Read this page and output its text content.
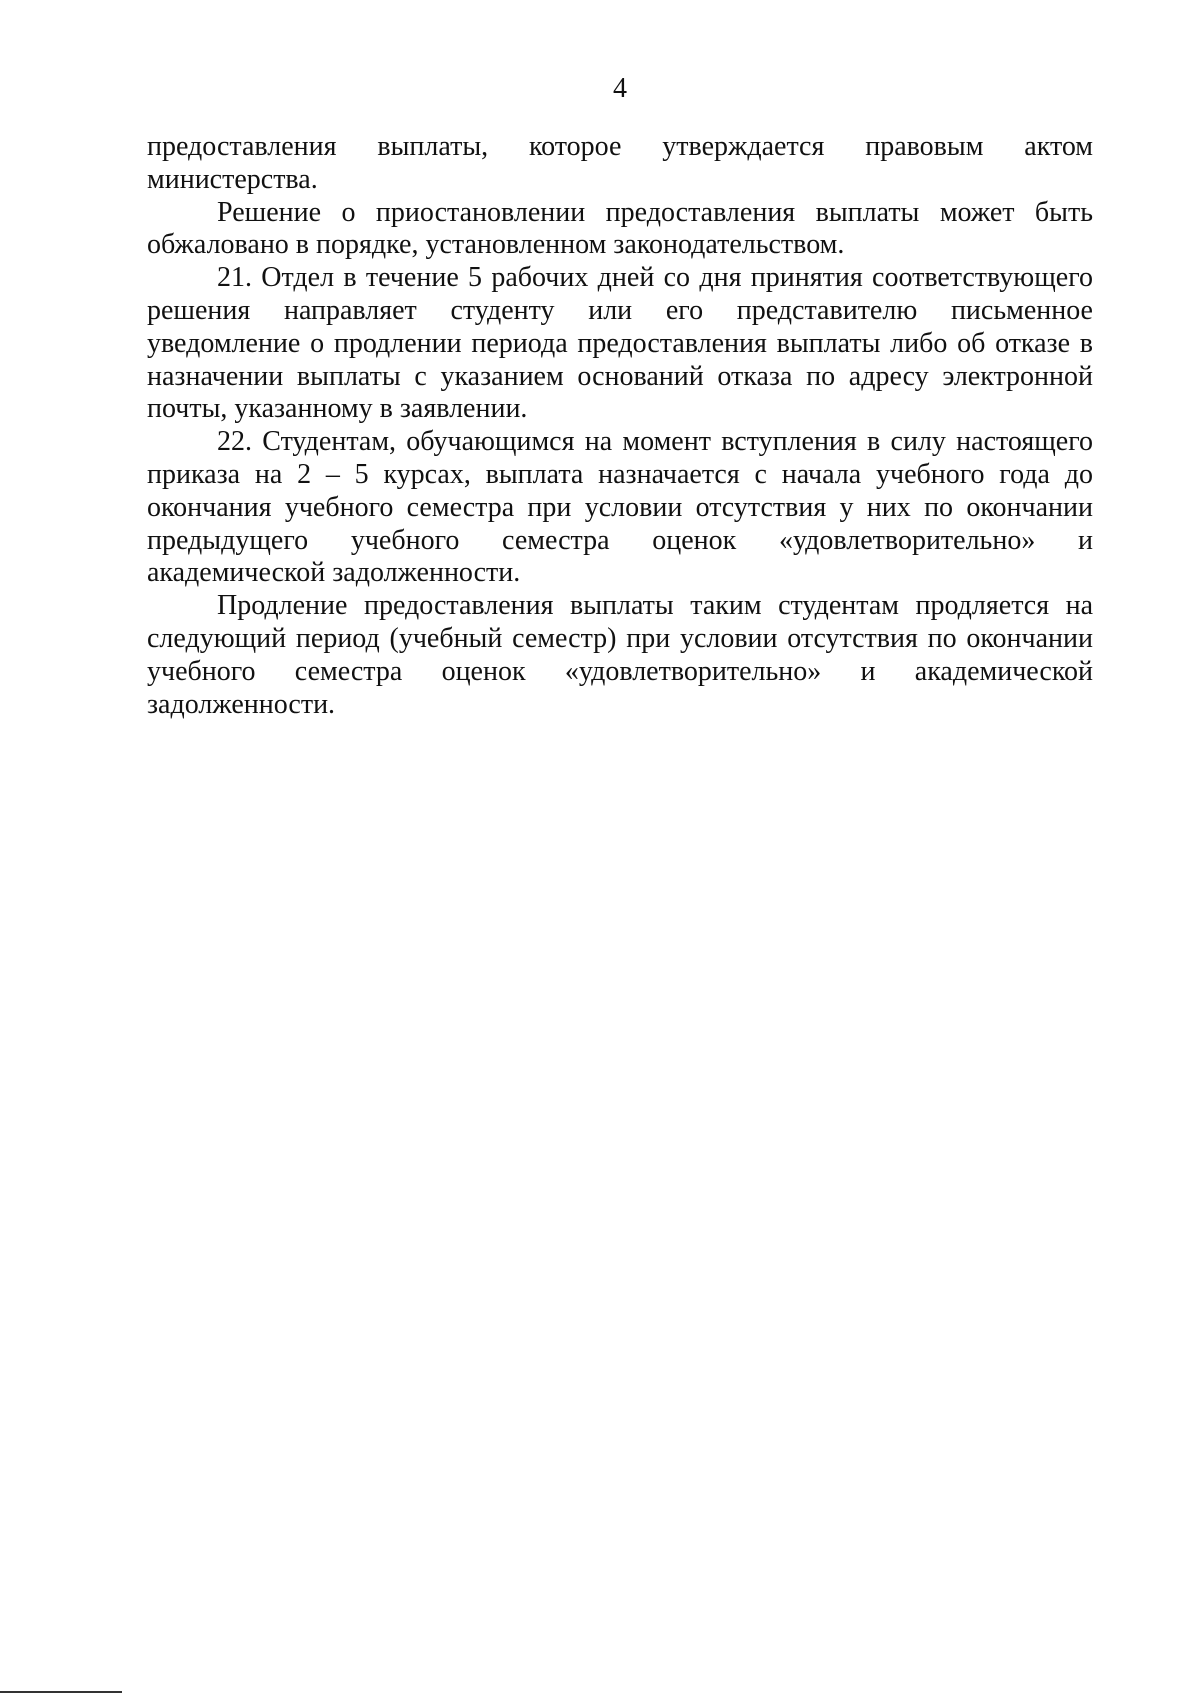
4

предоставления выплаты, которое утверждается правовым актом министерства.

Решение о приостановлении предоставления выплаты может быть обжаловано в порядке, установленном законодательством.

21. Отдел в течение 5 рабочих дней со дня принятия соответствующего решения направляет студенту или его представителю письменное уведомление о продлении периода предоставления выплаты либо об отказе в назначении выплаты с указанием оснований отказа по адресу электронной почты, указанному в заявлении.

22. Студентам, обучающимся на момент вступления в силу настоящего приказа на 2 – 5 курсах, выплата назначается с начала учебного года до окончания учебного семестра при условии отсутствия у них по окончании предыдущего учебного семестра оценок «удовлетворительно» и академической задолженности.

Продление предоставления выплаты таким студентам продляется на следующий период (учебный семестр) при условии отсутствия по окончании учебного семестра оценок «удовлетворительно» и академической задолженности.
